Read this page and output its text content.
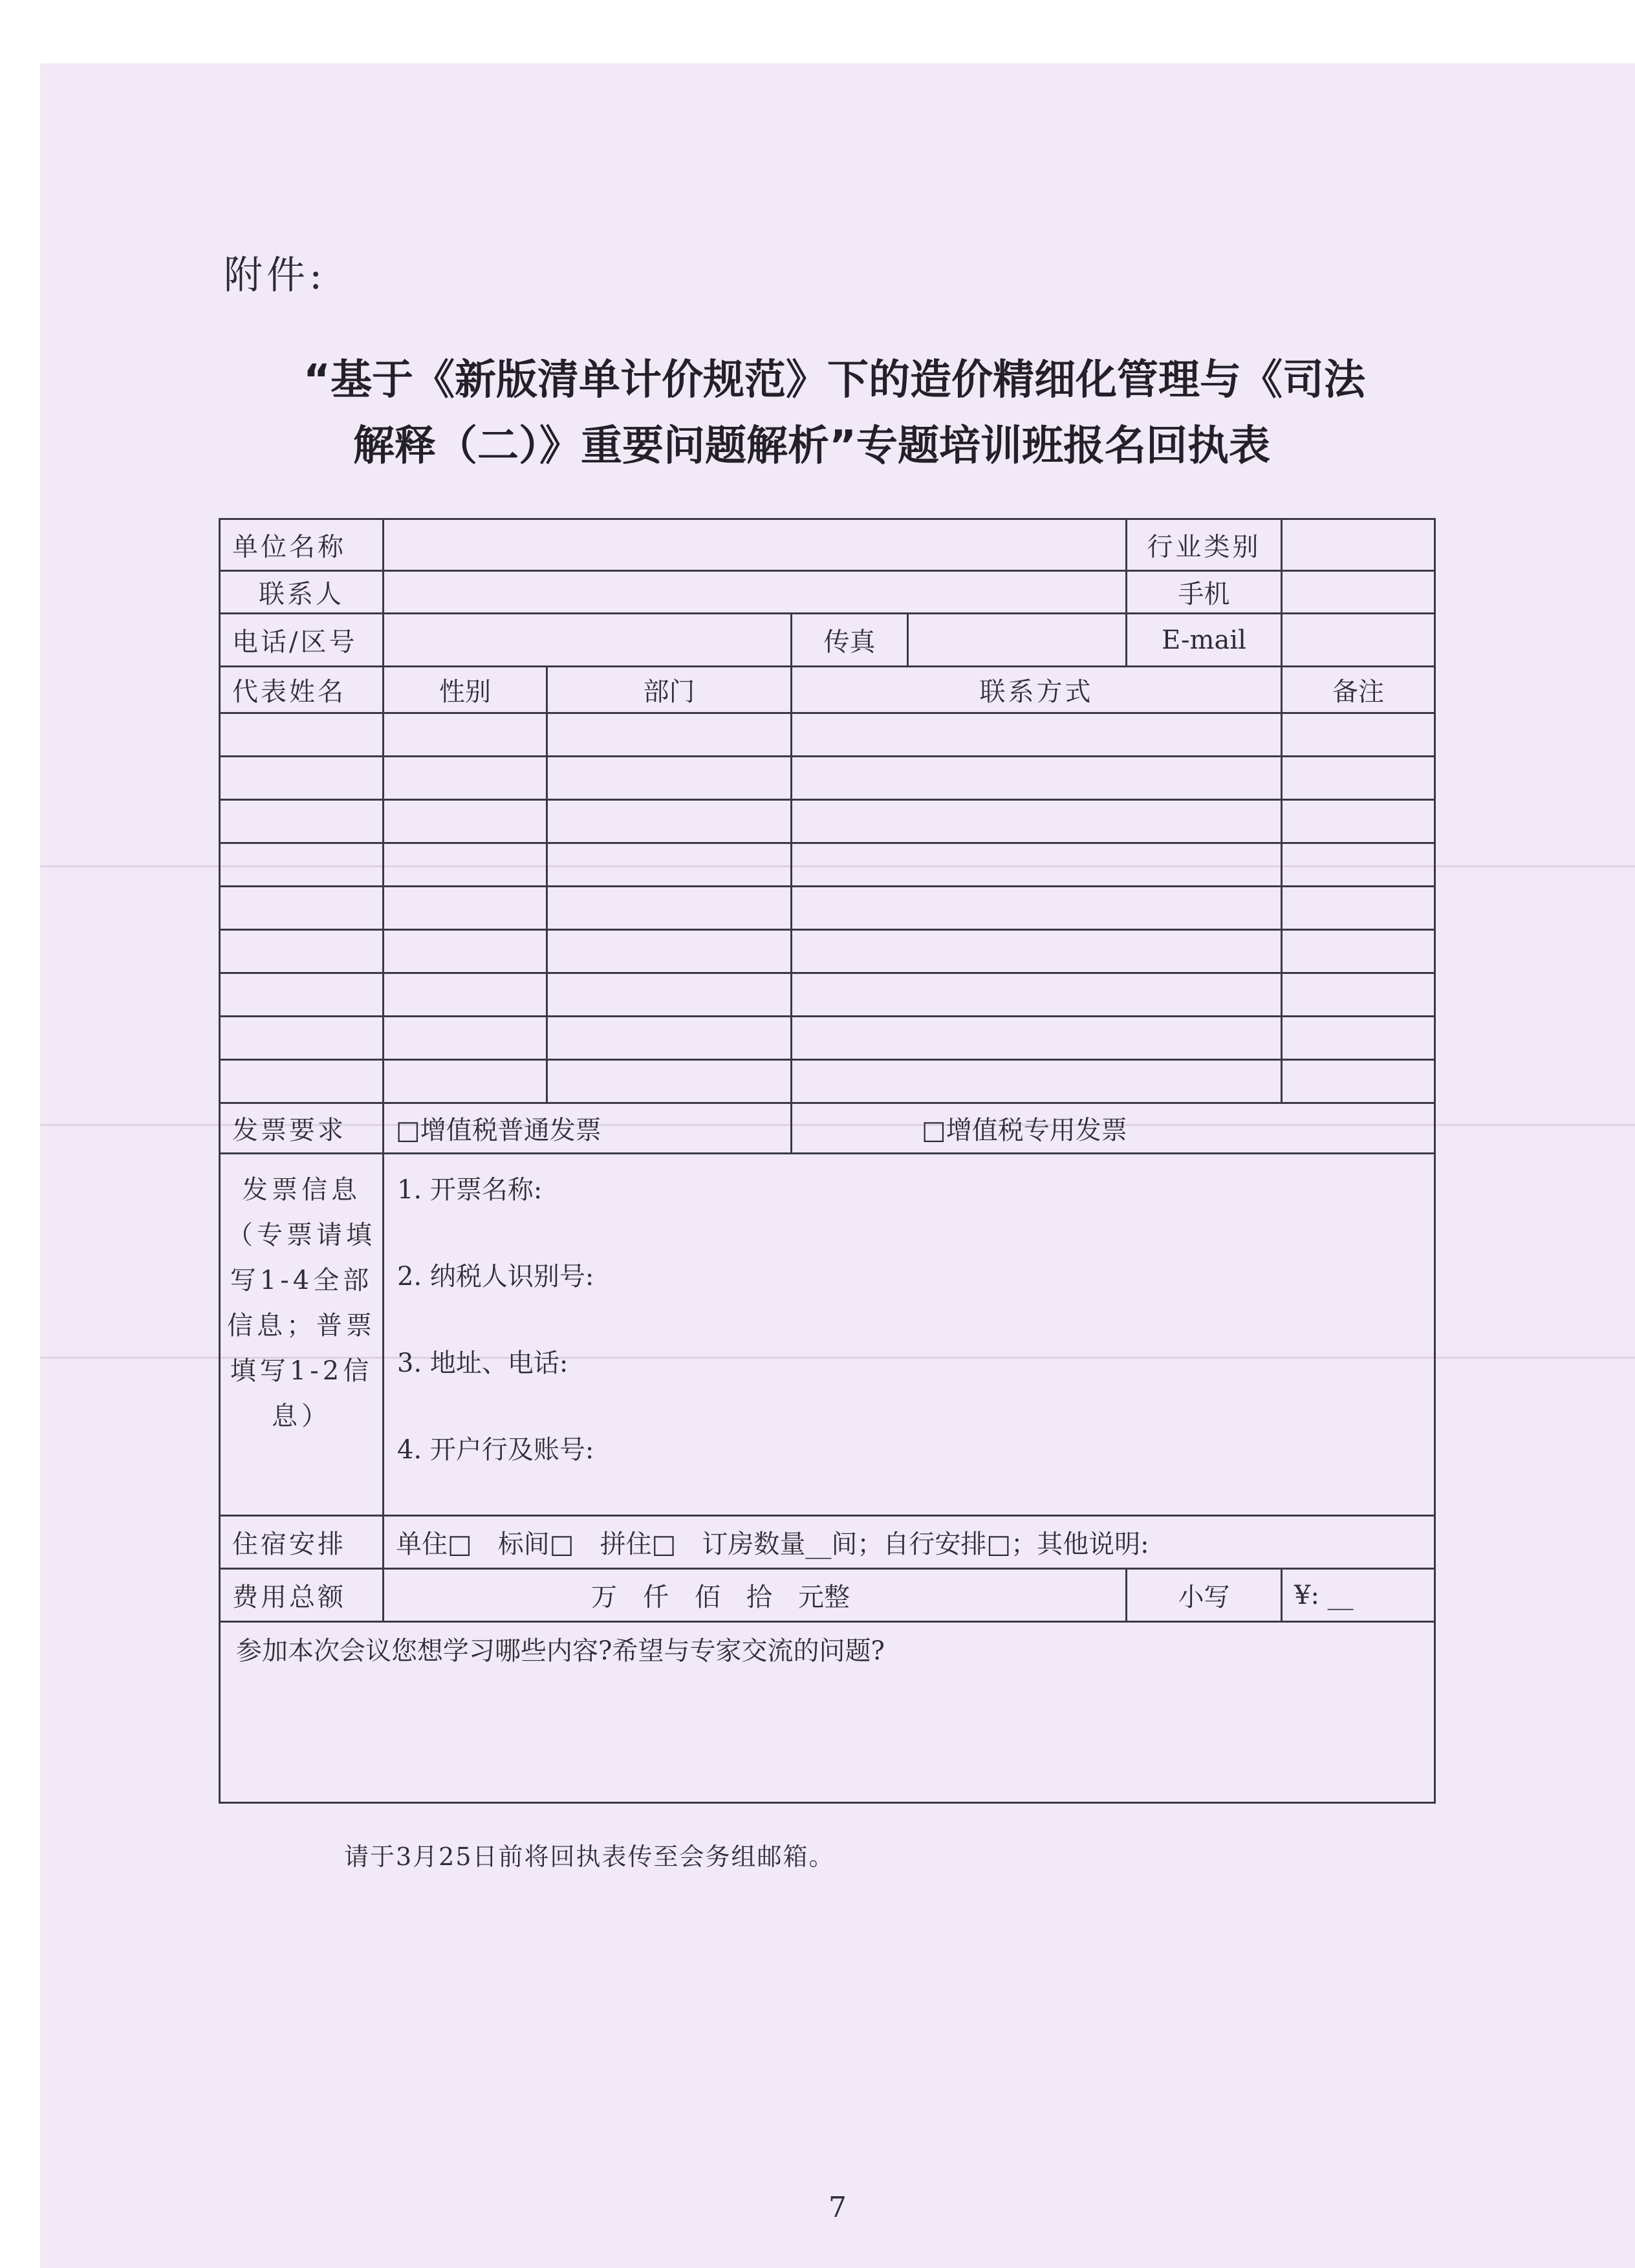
附件:
“基于《新版清单计价规范》下的造价精细化管理与《司法
解释（二）》重要问题解析”专题培训班报名回执表
单位名称					行业类别	
联系人					手机	
电话/区号			传真		E-mail	
代表姓名	性别	部门	联系方式			备注

发票要求	□增值税普通发票		□增值税专用发票			
发票信息（专票请填写1-4全部信息；普票填写1-2信息）	1. 开票名称:
2. 纳税人识别号:
3. 地址、电话:
4. 开户行及账号:					

住宿安排	单住□　标间□　拼住□　订房数量__间；自行安排□；其他说明:					
费用总额	万　仟　佰　拾　元整				小写	¥: __
参加本次会议您想学习哪些内容?希望与专家交流的问题?						
请于3月25日前将回执表传至会务组邮箱。
7
